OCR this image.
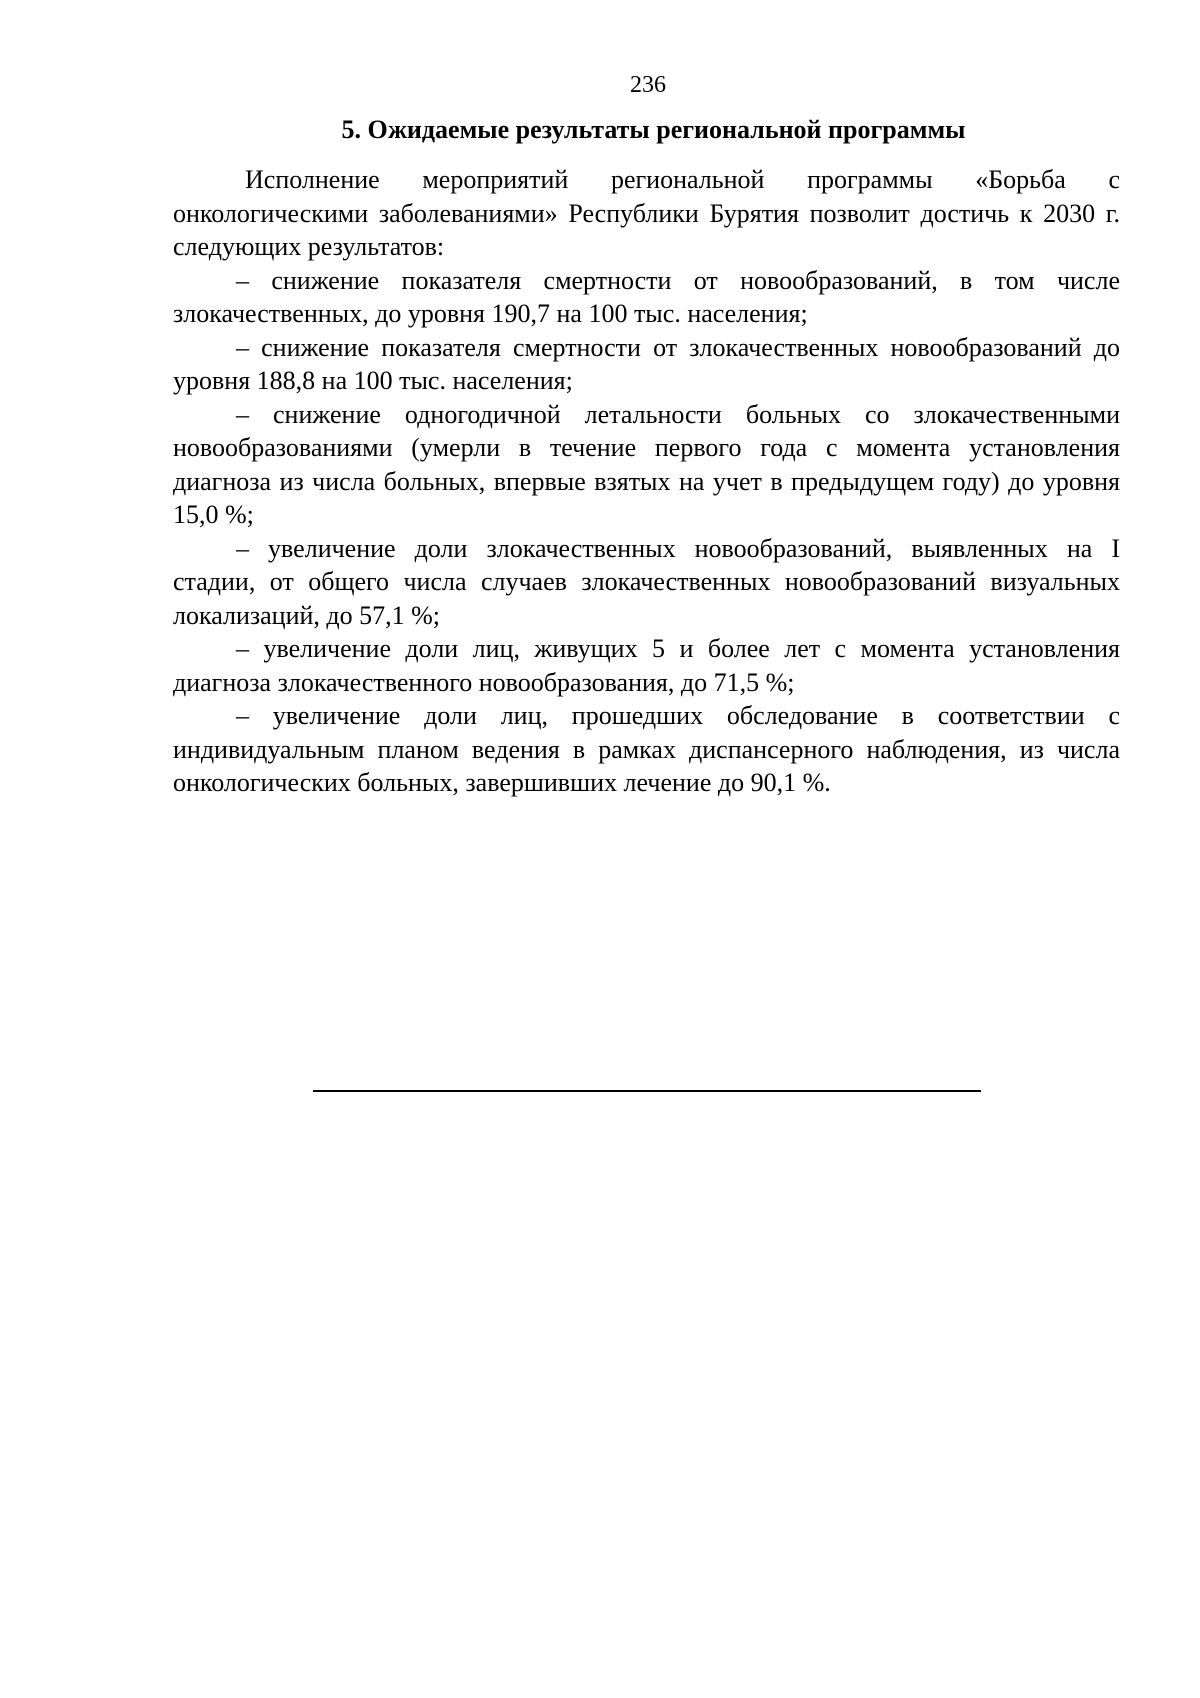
236
5. Ожидаемые результаты региональной программы

Исполнение мероприятий региональной программы «Борьба с онкологическими заболеваниями» Республики Бурятия позволит достичь к 2030 г. следующих результатов:

– снижение показателя смертности от новообразований, в том числе злокачественных, до уровня 190,7 на 100 тыс. населения;

– снижение показателя смертности от злокачественных новообразований до уровня 188,8 на 100 тыс. населения;

– снижение одногодичной летальности больных со злокачественными новообразованиями (умерли в течение первого года с момента установления диагноза из числа больных, впервые взятых на учет в предыдущем году) до уровня 15,0 %;

– увеличение доли злокачественных новообразований, выявленных на I стадии, от общего числа случаев злокачественных новообразований визуальных локализаций, до 57,1 %;

– увеличение доли лиц, живущих 5 и более лет с момента установления диагноза злокачественного новообразования, до 71,5 %;

– увеличение доли лиц, прошедших обследование в соответствии с индивидуальным планом ведения в рамках диспансерного наблюдения, из числа онкологических больных, завершивших лечение до 90,1 %.
